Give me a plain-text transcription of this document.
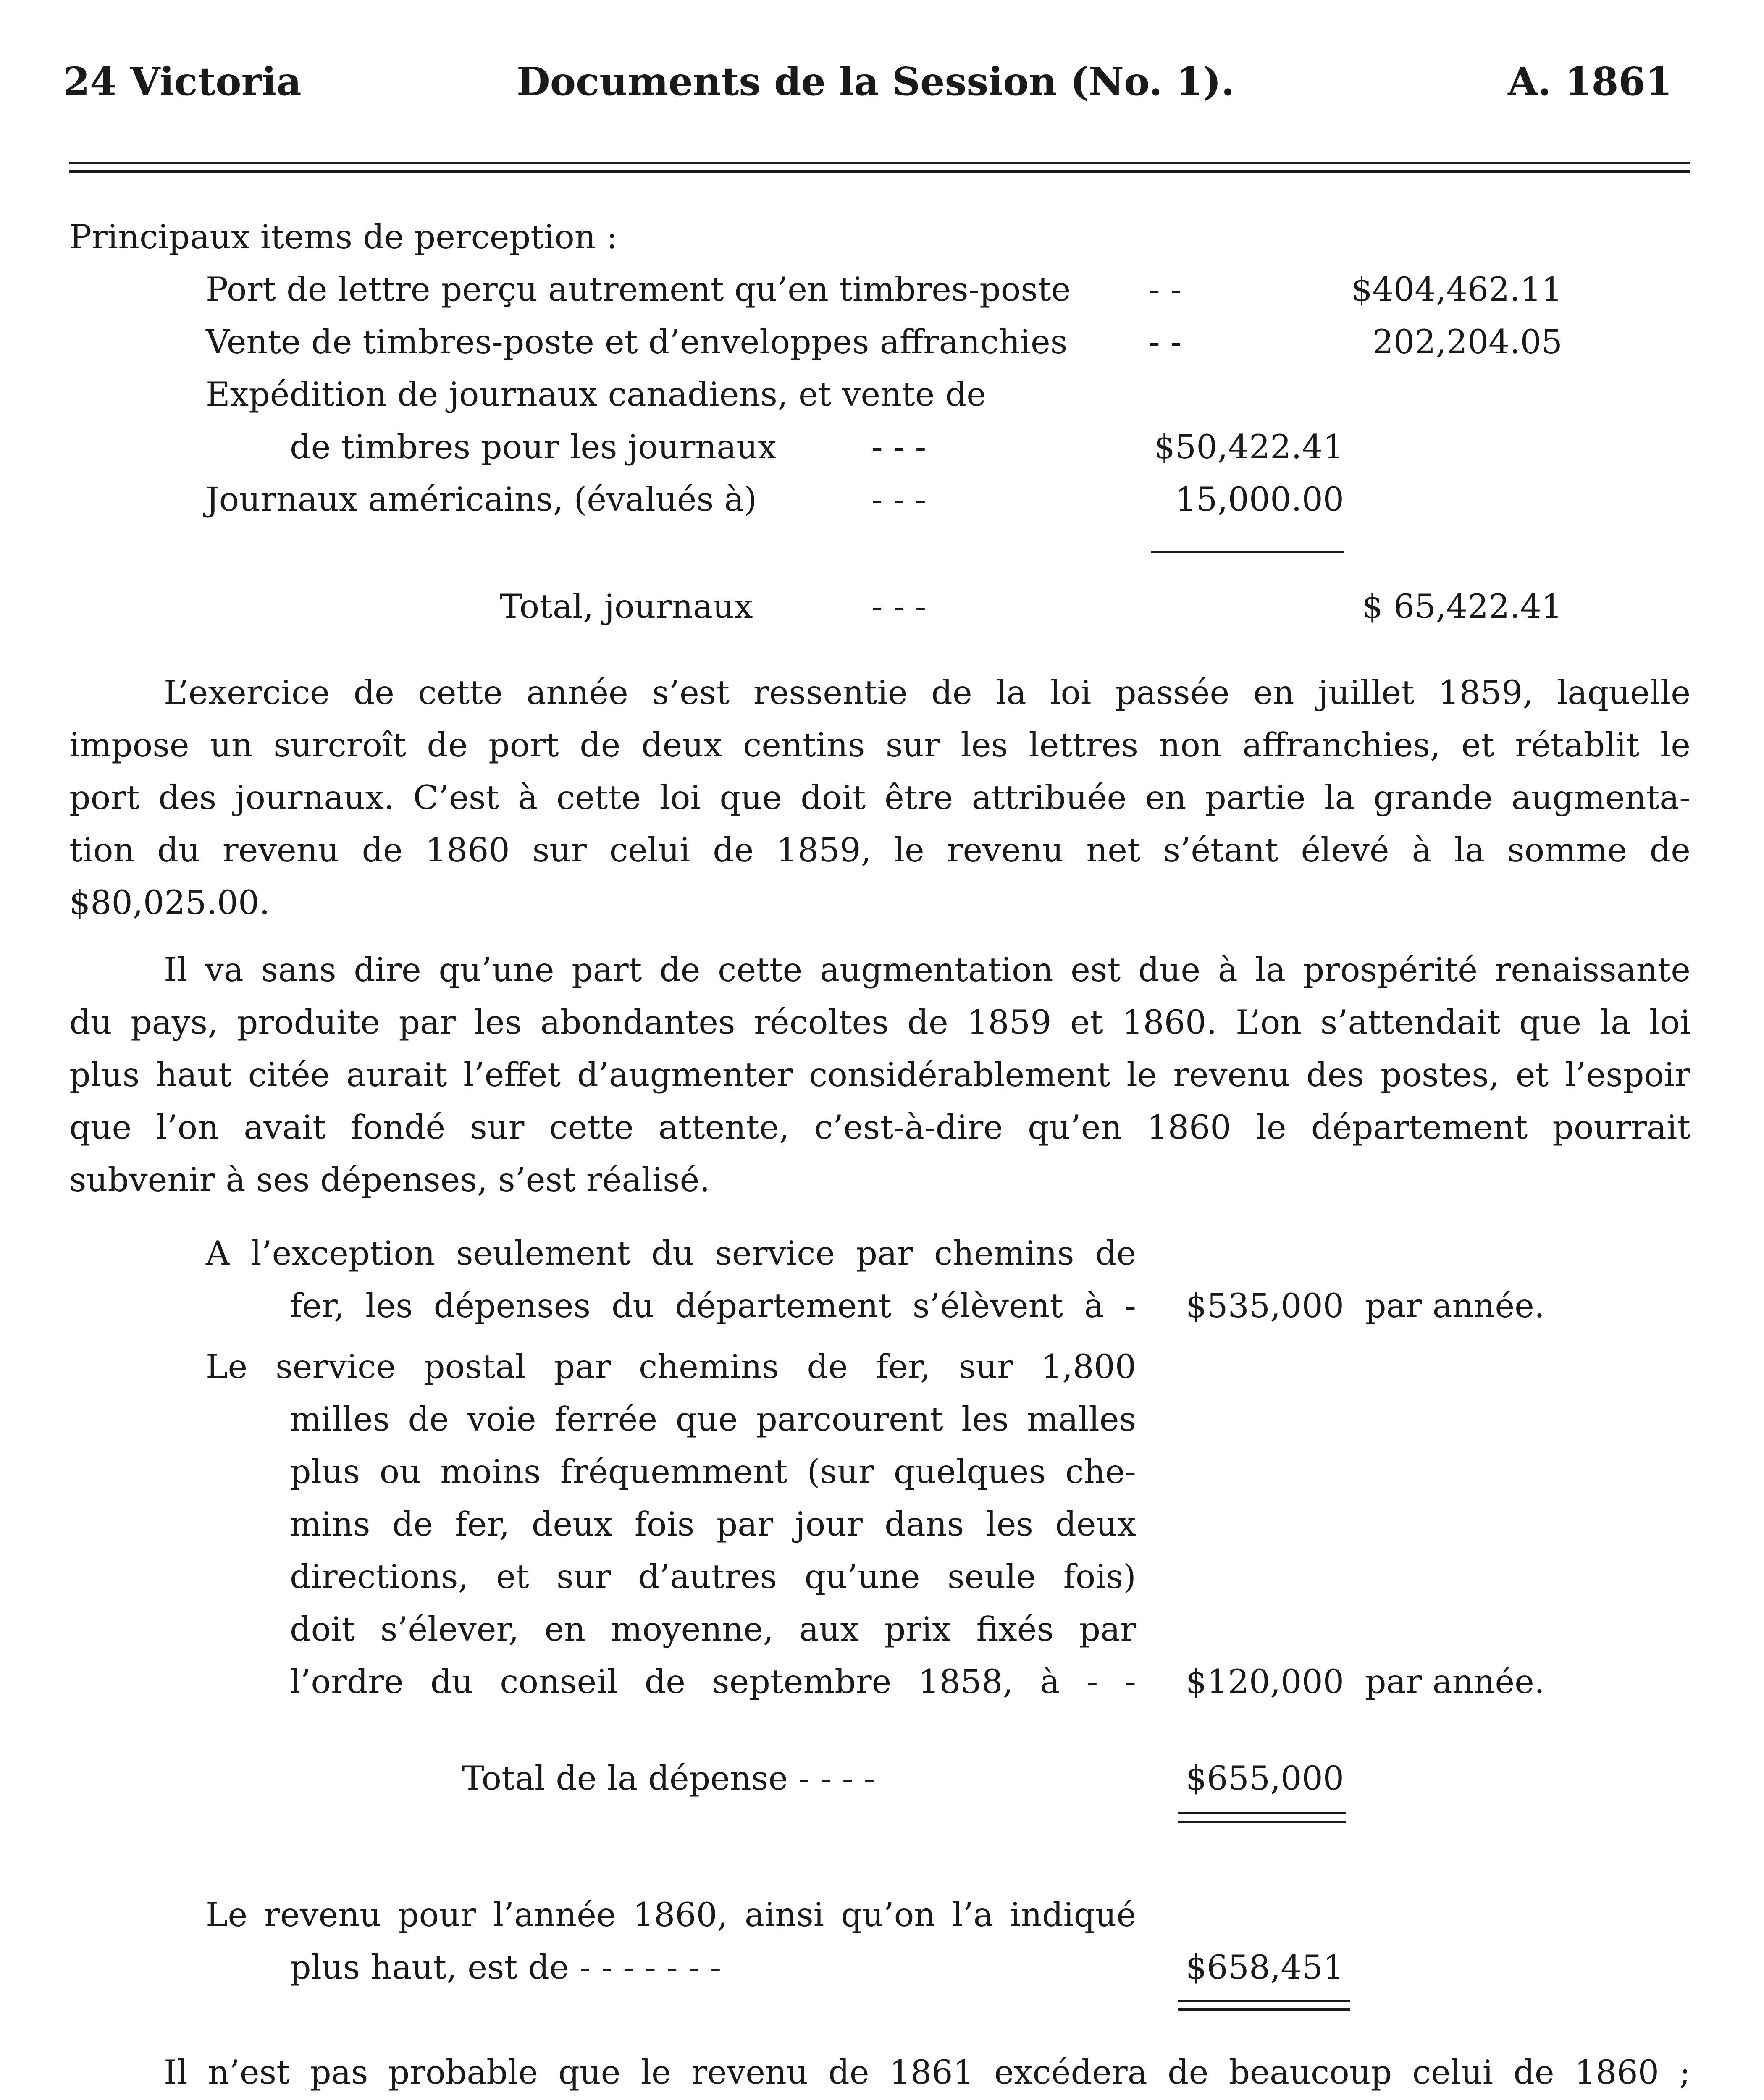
24 Victoria	Documents de la Session (No. 1).	A. 1861
Principaux items de perception :
Port de lettre perçu autrement qu’en timbres-poste - -	$404,462.11
Vente de timbres-poste et d’enveloppes affranchies - -	202,204.05
Expédition de journaux canadiens, et vente de
de timbres pour les journaux	- - -	$50,422.41
Journaux américains, (évalués à)	- - -	15,000.00
Total, journaux	- - -	$ 65,422.41
L’exercice de cette année s’est ressentie de la loi passée en juillet 1859, laquelle
impose un surcroît de port de deux centins sur les lettres non affranchies, et rétablit le
port des journaux. C’est à cette loi que doit être attribuée en partie la grande augmenta-
tion du revenu de 1860 sur celui de 1859, le revenu net s’étant élevé à la somme de
$80,025.00.
Il va sans dire qu’une part de cette augmentation est due à la prospérité renaissante
du pays, produite par les abondantes récoltes de 1859 et 1860. L’on s’attendait que la loi
plus haut citée aurait l’effet d’augmenter considérablement le revenu des postes, et l’espoir
que l’on avait fondé sur cette attente, c’est-à-dire qu’en 1860 le département pourrait
subvenir à ses dépenses, s’est réalisé.
A l’exception seulement du service par chemins de
fer, les dépenses du département s’élèvent à -	$535,000 par année.
Le service postal par chemins de fer, sur 1,800
milles de voie ferrée que parcourent les malles
plus ou moins fréquemment (sur quelques che-
mins de fer, deux fois par jour dans les deux
directions, et sur d’autres qu’une seule fois)
doit s’élever, en moyenne, aux prix fixés par
l’ordre du conseil de septembre 1858, à - -	$120,000 par année.
Total de la dépense - - - -	$655,000
Le revenu pour l’année 1860, ainsi qu’on l’a indiqué
plus haut, est de - - - - - - -	$658,451
Il n’est pas probable que le revenu de 1861 excédera de beaucoup celui de 1860 ;
